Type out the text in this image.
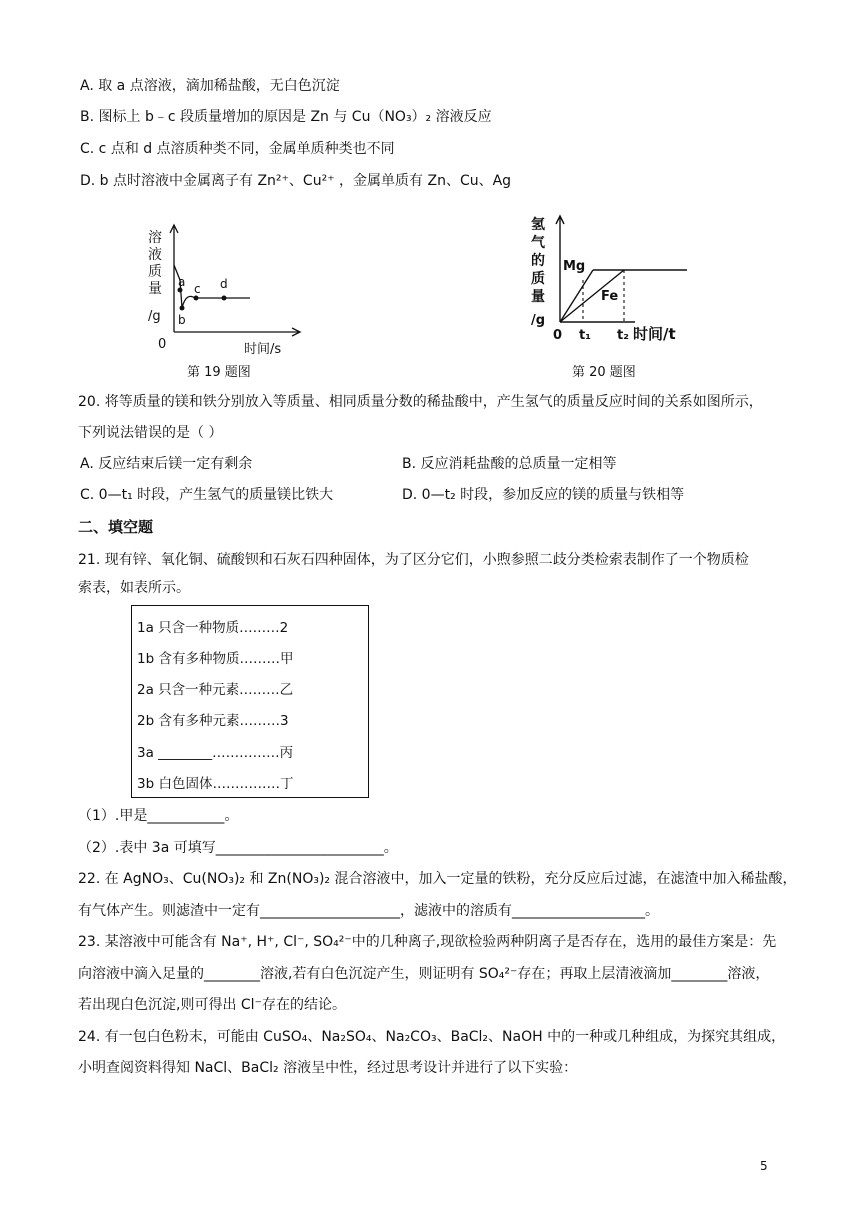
A. 取 a 点溶液，滴加稀盐酸，无白色沉淀
B. 图标上 b﹣c 段质量增加的原因是 Zn 与 Cu（NO₃）₂ 溶液反应
C. c 点和 d 点溶质种类不同，金属单质种类也不同
D. b 点时溶液中金属离子有 Zn²⁺、Cu²⁺ ，金属单质有 Zn、Cu、Ag
溶
液
质
量
/g
0
a
b
c d
时间/s
第 19 题图
氢
气
的
质
量
/g
0
Mg
Fe
t₁ t₂ 时间/t
第 20 题图
20. 将等质量的镁和铁分别放入等质量、相同质量分数的稀盐酸中，产生氢气的质量反应时间的关系如图所示，
下列说法错误的是（ ）
A. 反应结束后镁一定有剩余	B. 反应消耗盐酸的总质量一定相等
C. 0—t₁ 时段，产生氢气的质量镁比铁大	D. 0—t₂ 时段，参加反应的镁的质量与铁相等
二、填空题
21. 现有锌、氧化铜、硫酸钡和石灰石四种固体，为了区分它们，小煦参照二歧分类检索表制作了一个物质检
索表，如表所示。
1a 只含一种物质………2
1b 含有多种物质………甲
2a 只含一种元素………乙
2b 含有多种元素………3
3a ________……………丙
3b 白色固体……………丁
（1）.甲是___________。
（2）.表中 3a 可填写________________________。
22. 在 AgNO₃、Cu(NO₃)₂ 和 Zn(NO₃)₂ 混合溶液中，加入一定量的铁粉，充分反应后过滤，在滤渣中加入稀盐酸，
有气体产生。则滤渣中一定有____________________，滤液中的溶质有___________________。
23. 某溶液中可能含有 Na⁺, H⁺, Cl⁻, SO₄²⁻中的几种离子,现欲检验两种阴离子是否存在，选用的最佳方案是：先
向溶液中滴入足量的________溶液,若有白色沉淀产生，则证明有 SO₄²⁻存在；再取上层清液滴加________溶液，
若出现白色沉淀,则可得出 Cl⁻存在的结论。
24. 有一包白色粉末，可能由 CuSO₄、Na₂SO₄、Na₂CO₃、BaCl₂、NaOH 中的一种或几种组成，为探究其组成，
小明查阅资料得知 NaCl、BaCl₂ 溶液呈中性，经过思考设计并进行了以下实验：
5
